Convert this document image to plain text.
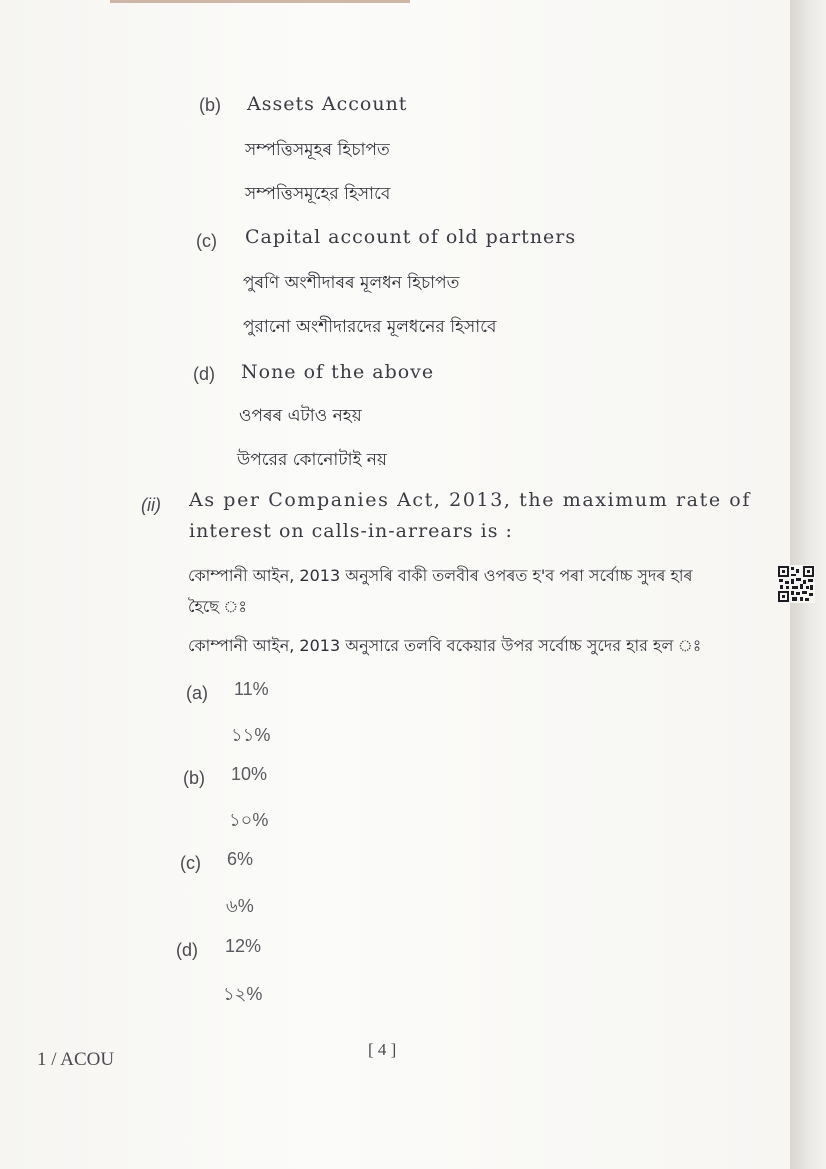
(b) Assets Account
সম্পত্তিসমূহৰ হিচাপত
সম্পত্তিসমূহের হিসাবে
(c) Capital account of old partners
পুৰণি অংশীদাৰৰ মূলধন হিচাপত
পুরানো অংশীদারদের মূলধনের হিসাবে
(d) None of the above
ওপৰৰ এটাও নহয়
উপরের কোনোটাই নয়
(ii) As per Companies Act, 2013, the maximum rate of
interest on calls-in-arrears is :
কোম্পানী আইন, 2013 অনুসৰি বাকী তলবীৰ ওপৰত হ'ব পৰা সৰ্বোচ্চ সুদৰ হাৰ
হৈছে ঃ
কোম্পানী আইন, 2013 অনুসারে তলবি বকেয়ার উপর সর্বোচ্চ সুদের হার হল ঃ
(a) 11%
১১%
(b) 10%
১০%
(c) 6%
৬%
(d) 12%
১২%
1 / ACOU	[ 4 ]
